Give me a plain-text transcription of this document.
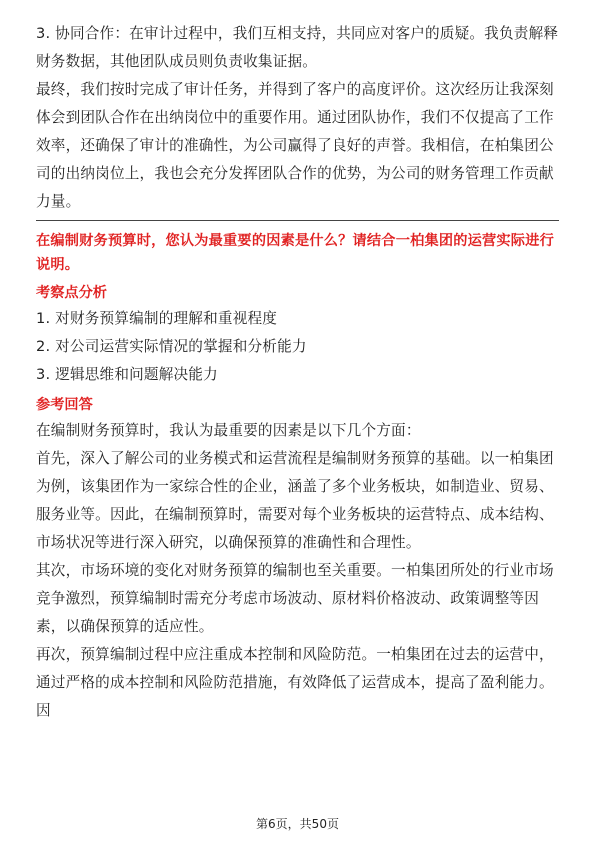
3. 协同合作：在审计过程中，我们互相支持，共同应对客户的质疑。我负责解释财务数据，其他团队成员则负责收集证据。

最终，我们按时完成了审计任务，并得到了客户的高度评价。这次经历让我深刻体会到团队合作在出纳岗位中的重要作用。通过团队协作，我们不仅提高了工作效率，还确保了审计的准确性，为公司赢得了良好的声誉。我相信，在柏集团公司的出纳岗位上，我也会充分发挥团队合作的优势，为公司的财务管理工作贡献力量。

在编制财务预算时，您认为最重要的因素是什么？请结合一柏集团的运营实际进行说明。

考察点分析

1. 对财务预算编制的理解和重视程度

2. 对公司运营实际情况的掌握和分析能力

3. 逻辑思维和问题解决能力

参考回答

在编制财务预算时，我认为最重要的因素是以下几个方面：

首先，深入了解公司的业务模式和运营流程是编制财务预算的基础。以一柏集团为例，该集团作为一家综合性的企业，涵盖了多个业务板块，如制造业、贸易、服务业等。因此，在编制预算时，需要对每个业务板块的运营特点、成本结构、市场状况等进行深入研究，以确保预算的准确性和合理性。

其次，市场环境的变化对财务预算的编制也至关重要。一柏集团所处的行业市场竞争激烈，预算编制时需充分考虑市场波动、原材料价格波动、政策调整等因素，以确保预算的适应性。

再次，预算编制过程中应注重成本控制和风险防范。一柏集团在过去的运营中，通过严格的成本控制和风险防范措施，有效降低了运营成本，提高了盈利能力。因

第6页，共50页
